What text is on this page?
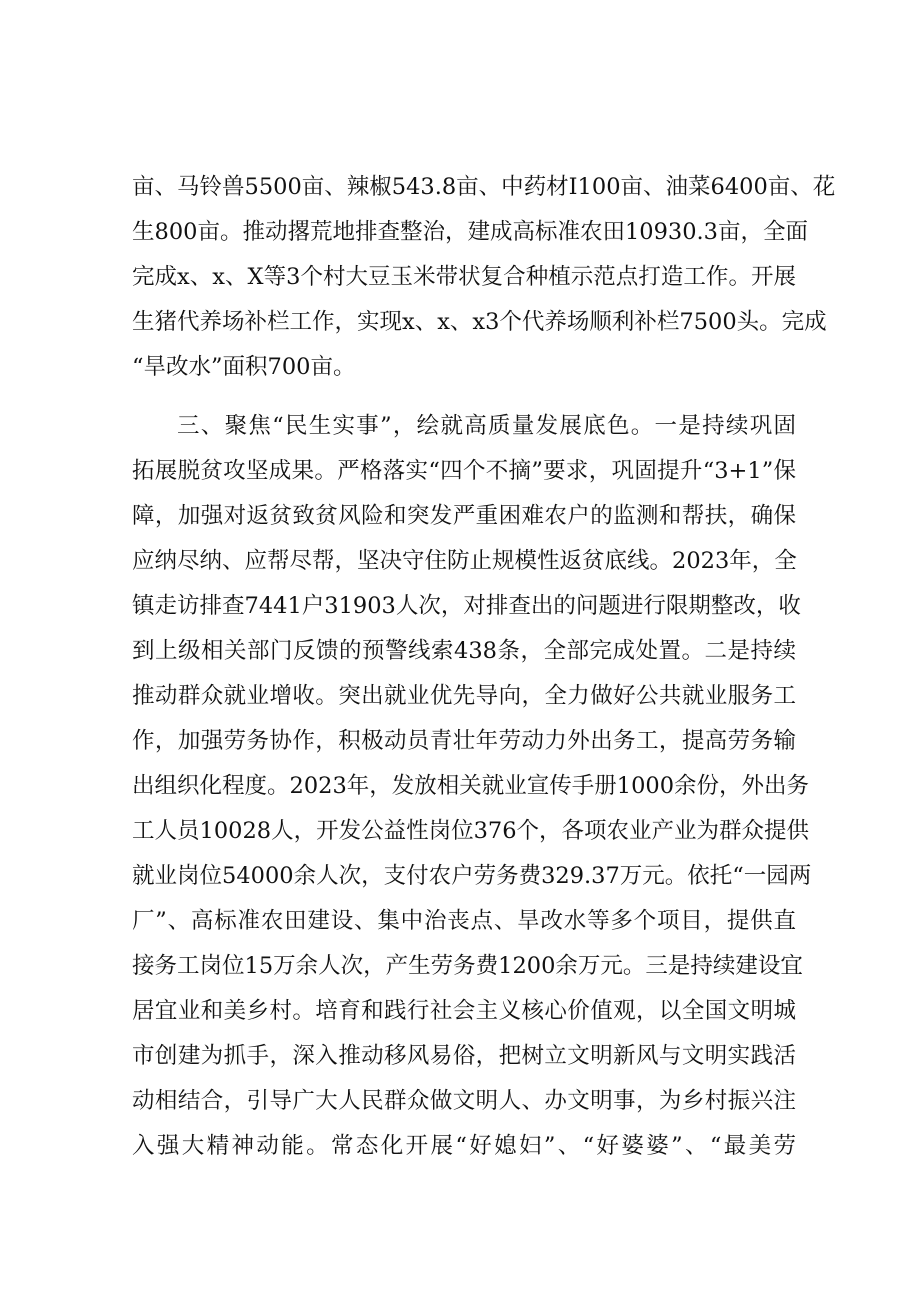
亩、马铃兽5500亩、辣椒543.8亩、中药材I100亩、油菜6400亩、花
生800亩。推动撂荒地排查整治，建成高标准农田10930.3亩，全面
完成x、x、X等3个村大豆玉米带状复合种植示范点打造工作。开展
生猪代养场补栏工作，实现x、x、x3个代养场顺利补栏7500头。完成
“旱改水”面积700亩。
三、聚焦“民生实事”，绘就高质量发展底色。一是持续巩固
拓展脱贫攻坚成果。严格落实“四个不摘”要求，巩固提升“3+1”保
障，加强对返贫致贫风险和突发严重困难农户的监测和帮扶，确保
应纳尽纳、应帮尽帮，坚决守住防止规模性返贫底线。2023年，全
镇走访排查7441户31903人次，对排查出的问题进行限期整改，收
到上级相关部门反馈的预警线索438条，全部完成处置。二是持续
推动群众就业增收。突出就业优先导向，全力做好公共就业服务工
作，加强劳务协作，积极动员青壮年劳动力外出务工，提高劳务输
出组织化程度。2023年，发放相关就业宣传手册1000余份，外出务
工人员10028人，开发公益性岗位376个，各项农业产业为群众提供
就业岗位54000余人次，支付农户劳务费329.37万元。依托“一园两
厂”、高标准农田建设、集中治丧点、旱改水等多个项目，提供直
接务工岗位15万余人次，产生劳务费1200余万元。三是持续建设宜
居宜业和美乡村。培育和践行社会主义核心价值观，以全国文明城
市创建为抓手，深入推动移风易俗，把树立文明新风与文明实践活
动相结合，引导广大人民群众做文明人、办文明事，为乡村振兴注
入强大精神动能。常态化开展“好媳妇”、“好婆婆”、“最美劳
